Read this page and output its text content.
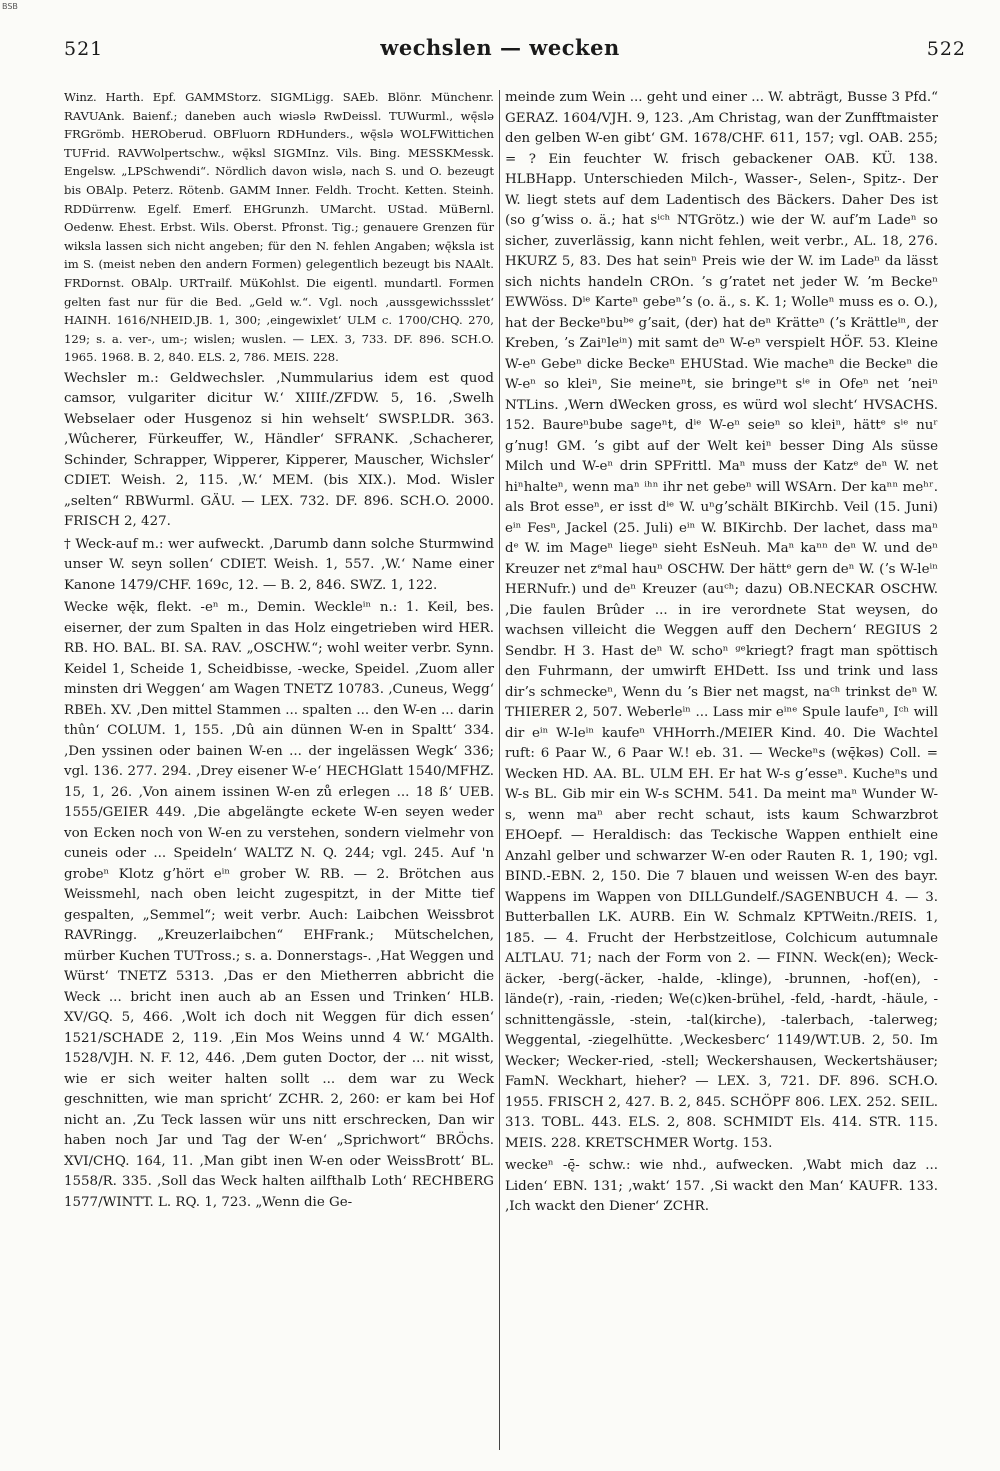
BSB
521	wechslen — wecken	522

Winz. Harth. Epf. GAMMStorz. SIGMLigg. SAEb. Blönr. Münchenr. RAVUAnk. Baienf.; daneben auch wiəslə RwDeissl. TUWurml., wę̄slə FRGrömb. HEROberud. OBFluorn RDHunders., wę̄slə WOLFWittichen TUFrid. RAVWolpertschw., wę̄ksl SIGMInz. Vils. Bing. MESSKMessk. Engelsw. „LPSchwendi“. Nördlich davon wislə, nach S. und O. bezeugt bis OBAlp. Peterz. Rötenb. GAMM Inner. Feldh. Trocht. Ketten. Steinh. RDDürrenw. Egelf. Emerf. EHGrunzh. UMarcht. UStad. MüBernl. Oedenw. Ehest. Erbst. Wils. Oberst. Pfronst. Tig.; genauere Grenzen für wiksla lassen sich nicht angeben; für den N. fehlen Angaben; wę̄ksla ist im S. (meist neben den andern Formen) gelegentlich bezeugt bis NAAlt. FRDornst. OBAlp. URTrailf. MüKohlst. Die eigentl. mundartl. Formen gelten fast nur für die Bed. „Geld w.“. Vgl. noch ‚aussgewichssslet‘ HAINH. 1616/NHEID.JB. 1, 300; ‚eingewixlet‘ ULM c. 1700/CHQ. 270, 129; s. a. ver-, um-; wislen; wuslen. — LEX. 3, 733. DF. 896. SCH.O. 1965. 1968. B. 2, 840. ELS. 2, 786. MEIS. 228.

Wechsler m.: Geldwechsler. ‚Nummularius idem est quod camsor, vulgariter dicitur W.‘ XIIIf./ZFDW. 5, 16. ‚Swelh Webselaer oder Husgenoz si hin wehselt‘ SWSP.LDR. 363. ‚Wûcherer, Fürkeuffer, W., Händler‘ SFRANK. ‚Schacherer, Schinder, Schrapper, Wipperer, Kipperer, Mauscher, Wichsler‘ CDIET. Weish. 2, 115. ‚W.‘ MEM. (bis XIX.). Mod. Wisler „selten“ RBWurml. GÄU. — LEX. 732. DF. 896. SCH.O. 2000. FRISCH 2, 427.

† Weck-auf m.: wer aufweckt. ‚Darumb dann solche Sturmwind unser W. seyn sollen‘ CDIET. Weish. 1, 557. ‚W.‘ Name einer Kanone 1479/CHF. 169c, 12. — B. 2, 846. SWZ. 1, 122.

Wecke wę̄k, flekt. -eⁿ m., Demin. Weckleⁱⁿ n.: 1. Keil, bes. eiserner, der zum Spalten in das Holz eingetrieben wird HER. RB. HO. BAL. BI. SA. RAV. „OSCHW.“; wohl weiter verbr. Synn. Keidel 1, Scheide 1, Scheidbisse, -wecke, Speidel. ‚Zuom aller minsten dri Weggen‘ am Wagen TNETZ 10783. ‚Cuneus, Wegg‘ RBEh. XV. ‚Den mittel Stammen ... spalten ... den W-en ... darin thûn‘ COLUM. 1, 155. ‚Dû ain dünnen W-en in Spaltt‘ 334. ‚Den yssinen oder bainen W-en ... der ingelässen Wegk‘ 336; vgl. 136. 277. 294. ‚Drey eisener W-e‘ HECHGlatt 1540/MFHZ. 15, 1, 26. ‚Von ainem issinen W-en zů erlegen ... 18 ß‘ UEB. 1555/GEIER 449. ‚Die abgelängte eckete W-en seyen weder von Ecken noch von W-en zu verstehen, sondern vielmehr von cuneis oder ... Speideln‘ WALTZ N. Q. 244; vgl. 245. Auf 'n grobeⁿ Klotz gʼhört eⁱⁿ grober W. RB. — 2. Brötchen aus Weissmehl, nach oben leicht zugespitzt, in der Mitte tief gespalten, „Semmel“; weit verbr. Auch: Laibchen Weissbrot RAVRingg. „Kreuzerlaibchen“ EHFrank.; Mütschelchen, mürber Kuchen TUTross.; s. a. Donnerstags-. ‚Hat Weggen und Würst‘ TNETZ 5313. ‚Das er den Mietherren abbricht die Weck ... bricht inen auch ab an Essen und Trinken‘ HLB. XV/GQ. 5, 466. ‚Wolt ich doch nit Weggen für dich essen‘ 1521/SCHADE 2, 119. ‚Ein Mos Weins unnd 4 W.‘ MGAlth. 1528/VJH. N. F. 12, 446. ‚Dem guten Doctor, der ... nit wisst, wie er sich weiter halten sollt ... dem war zu Weck geschnitten, wie man spricht‘ ZCHR. 2, 260: er kam bei Hof nicht an. ‚Zu Teck lassen wür uns nitt erschrecken, Dan wir haben noch Jar und Tag der W-en‘ „Sprichwort“ BRÖchs. XVI/CHQ. 164, 11. ‚Man gibt inen W-en oder WeissBrott‘ BL. 1558/R. 335. ‚Soll das Weck halten ailfthalb Loth‘ RECHBERG 1577/WINTT. L. RQ. 1, 723. „Wenn die Ge-

meinde zum Wein ... geht und einer ... W. abträgt, Busse 3 Pfd.“ GERAZ. 1604/VJH. 9, 123. ‚Am Christag, wan der Zunfftmaister den gelben W-en gibt‘ GM. 1678/CHF. 611, 157; vgl. OAB. 255; = ? Ein feuchter W. frisch gebackener OAB. KÜ. 138. HLBHapp. Unterschieden Milch-, Wasser-, Selen-, Spitz-. Der W. liegt stets auf dem Ladentisch des Bäckers. Daher Des ist (so gʼwiss o. ä.; hat sⁱᶜʰ NTGrötz.) wie der W. aufʼm Ladeⁿ so sicher, zuverlässig, kann nicht fehlen, weit verbr., AL. 18, 276. HKURZ 5, 83. Des hat seinⁿ Preis wie der W. im Ladeⁿ da lässt sich nichts handeln CROn. ʼs gʼratet net jeder W. ʼm Beckeⁿ EWWöss. Dⁱᵉ Karteⁿ gebeⁿʼs (o. ä., s. K. 1; Wolleⁿ muss es o. O.), hat der Beckeⁿbuᵇᵉ gʼsait, (der) hat deⁿ Krätteⁿ (ʼs Krättleⁱⁿ, der Kreben, ʼs Zaiⁿleⁱⁿ) mit samt deⁿ W-eⁿ verspielt HÖF. 53. Kleine W-eⁿ Gebeⁿ dicke Beckeⁿ EHUStad. Wie macheⁿ die Beckeⁿ die W-eⁿ so kleiⁿ, Sie meineⁿt, sie bringeⁿt sⁱᵉ in Ofeⁿ net ʼneiⁿ NTLins. ‚Wern dWecken gross, es würd wol slecht‘ HVSACHS. 152. Baureⁿbube sageⁿt, dⁱᵉ W-eⁿ seieⁿ so kleiⁿ, hättᵉ sⁱᵉ nuʳ gʼnug! GM. ʼs gibt auf der Welt keiⁿ besser Ding Als süsse Milch und W-eⁿ drin SPFrittl. Maⁿ muss der Katzᵉ deⁿ W. net hiⁿhalteⁿ, wenn maⁿ ⁱʰⁿ ihr net gebeⁿ will WSArn. Der kaⁿⁿ meʰʳ. als Brot esseⁿ, er isst dⁱᵉ W. uⁿgʼschält BIKirchb. Veil (15. Juni) eⁱⁿ Fesⁿ, Jackel (25. Juli) eⁱⁿ W. BIKirchb. Der lachet, dass maⁿ dᵉ W. im Mageⁿ liegeⁿ sieht EsNeuh. Maⁿ kaⁿⁿ deⁿ W. und deⁿ Kreuzer net zᵉmal hauⁿ OSCHW. Der hättᵉ gern deⁿ W. (ʼs W-leⁱⁿ HERNufr.) und deⁿ Kreuzer (auᶜʰ; dazu) OB.NECKAR OSCHW. ‚Die faulen Brûder ... in ire verordnete Stat weysen, do wachsen villeicht die Weggen auff den Dechern‘ REGIUS 2 Sendbr. H 3. Hast deⁿ W. schoⁿ ᵍᵉkriegt? fragt man spöttisch den Fuhrmann, der umwirft EHDett. Iss und trink und lass dirʼs schmeckeⁿ, Wenn du ʼs Bier net magst, naᶜʰ trinkst deⁿ W. THIERER 2, 507. Weberleⁱⁿ ... Lass mir eⁱⁿᵉ Spule laufeⁿ, Iᶜʰ will dir eⁱⁿ W-leⁱⁿ kaufeⁿ VHHorrh./MEIER Kind. 40. Die Wachtel ruft: 6 Paar W., 6 Paar W.! eb. 31. — Weckeⁿs (wę̄kəs) Coll. = Wecken HD. AA. BL. ULM EH. Er hat W-s gʼesseⁿ. Kucheⁿs und W-s BL. Gib mir ein W-s SCHM. 541. Da meint maⁿ Wunder W-s, wenn maⁿ aber recht schaut, ists kaum Schwarzbrot EHOepf. — Heraldisch: das Teckische Wappen enthielt eine Anzahl gelber und schwarzer W-en oder Rauten R. 1, 190; vgl. BIND.-EBN. 2, 150. Die 7 blauen und weissen W-en des bayr. Wappens im Wappen von DILLGundelf./SAGENBUCH 4. — 3. Butterballen LK. AURB. Ein W. Schmalz KPTWeitn./REIS. 1, 185. — 4. Frucht der Herbstzeitlose, Colchicum autumnale ALTLAU. 71; nach der Form von 2. — FINN. Weck(en); Weck-äcker, -berg(-äcker, -halde, -klinge), -brunnen, -hof(en), -lände(r), -rain, -rieden; We(c)ken-brühel, -feld, -hardt, -häule, -schnittengässle, -stein, -tal(kirche), -talerbach, -talerweg; Weggental, -ziegelhütte. ‚Weckesberc‘ 1149/WT.UB. 2, 50. Im Wecker; Wecker-ried, -stell; Weckershausen, Weckertshäuser; FamN. Weckhart, hieher? — LEX. 3, 721. DF. 896. SCH.O. 1955. FRISCH 2, 427. B. 2, 845. SCHÖPF 806. LEX. 252. SEIL. 313. TOBL. 443. ELS. 2, 808. SCHMIDT Els. 414. STR. 115. MEIS. 228. KRETSCHMER Wortg. 153.

weckeⁿ -ę̄- schw.: wie nhd., aufwecken. ‚Wabt mich daz ... Liden‘ EBN. 131; ‚wakt‘ 157. ‚Si wackt den Man‘ KAUFR. 133. ‚Ich wackt den Diener‘ ZCHR.
